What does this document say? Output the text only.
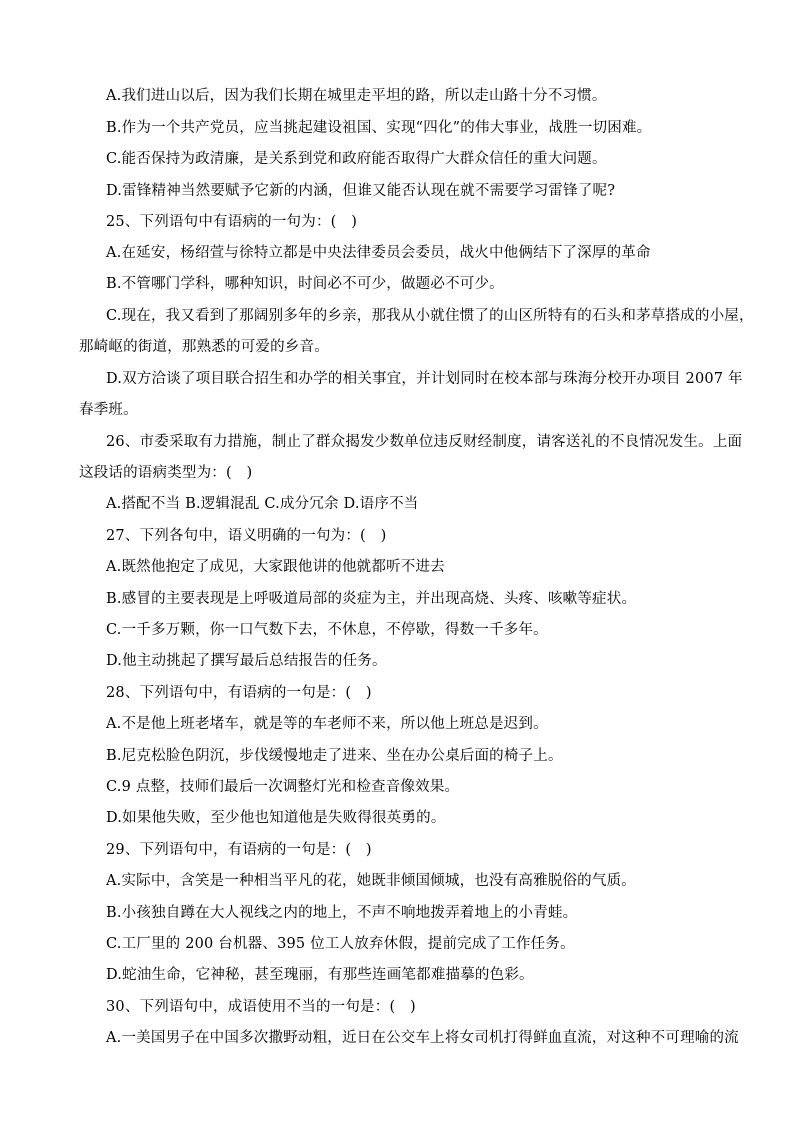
A.我们进山以后，因为我们长期在城里走平坦的路，所以走山路十分不习惯。
B.作为一个共产党员，应当挑起建设祖国、实现“四化”的伟大事业，战胜一切困难。
C.能否保持为政清廉，是关系到党和政府能否取得广大群众信任的重大问题。
D.雷锋精神当然要赋予它新的内涵，但谁又能否认现在就不需要学习雷锋了呢?
25、下列语句中有语病的一句为：(　)
A.在延安，杨绍萱与徐特立都是中央法律委员会委员，战火中他俩结下了深厚的革命
B.不管哪门学科，哪种知识，时间必不可少，做题必不可少。
C.现在，我又看到了那阔别多年的乡亲，那我从小就住惯了的山区所特有的石头和茅草搭成的小屋，
那崎岖的街道，那熟悉的可爱的乡音。
D.双方洽谈了项目联合招生和办学的相关事宜，并计划同时在校本部与珠海分校开办项目 2007 年
春季班。
26、市委采取有力措施，制止了群众揭发少数单位违反财经制度，请客送礼的不良情况发生。上面
这段话的语病类型为：(　)
A.搭配不当 B.逻辑混乱 C.成分冗余 D.语序不当
27、下列各句中，语义明确的一句为：(　)
A.既然他抱定了成见，大家跟他讲的他就都听不进去
B.感冒的主要表现是上呼吸道局部的炎症为主，并出现高烧、头疼、咳嗽等症状。
C.一千多万颗，你一口气数下去，不休息，不停歇，得数一千多年。
D.他主动挑起了撰写最后总结报告的任务。
28、下列语句中，有语病的一句是：(　)
A.不是他上班老堵车，就是等的车老师不来，所以他上班总是迟到。
B.尼克松脸色阴沉，步伐缓慢地走了进来、坐在办公桌后面的椅子上。
C.9 点整，技师们最后一次调整灯光和检查音像效果。
D.如果他失败，至少他也知道他是失败得很英勇的。
29、下列语句中，有语病的一句是：(　)
A.实际中，含笑是一种相当平凡的花，她既非倾国倾城，也没有高雅脱俗的气质。
B.小孩独自蹲在大人视线之内的地上，不声不响地拨弄着地上的小青蛙。
C.工厂里的 200 台机器、395 位工人放弃休假，提前完成了工作任务。
D.蛇油生命，它神秘，甚至瑰丽，有那些连画笔都难描摹的色彩。
30、下列语句中，成语使用不当的一句是：(　)
A.一美国男子在中国多次撒野动粗，近日在公交车上将女司机打得鲜血直流，对这种不可理喻的流
